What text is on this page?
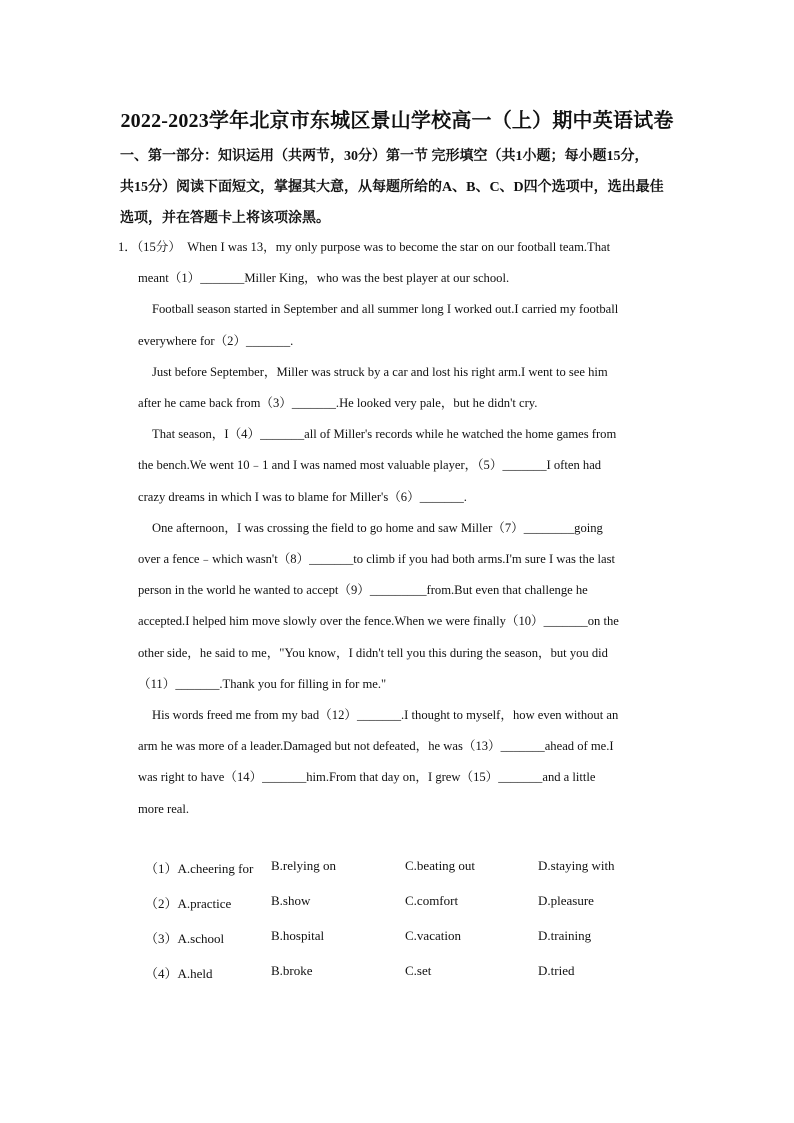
2022-2023学年北京市东城区景山学校高一（上）期中英语试卷

一、第一部分：知识运用（共两节，30分）第一节 完形填空（共1小题；每小题15分，

共15分）阅读下面短文，掌握其大意，从每题所给的A、B、C、D四个选项中，选出最佳

选项，并在答题卡上将该项涂黑。

1．（15分）　When I was 13，my only purpose was to become the star on our football team.That

meant（1）_______Miller King，who was the best player at our school.

Football season started in September and all summer long I worked out.I carried my football

everywhere for（2）_______.

Just before September，Miller was struck by a car and lost his right arm.I went to see him

after he came back from（3）_______.He looked very pale，but he didn't cry.

That season，I（4）_______all of Miller's records while he watched the home games from

the bench.We went 10﹣1 and I was named most valuable player，（5）_______I often had

crazy dreams in which I was to blame for Miller's（6）_______.

One afternoon，I was crossing the field to go home and saw Miller（7）________going

over a fence﹣which wasn't（8）_______to climb if you had both arms.I'm sure I was the last

person in the world he wanted to accept（9）_________from.But even that challenge he

accepted.I helped him move slowly over the fence.When we were finally（10）_______on the

other side，he said to me，"You know，I didn't tell you this during the season，but you did

（11）_______.Thank you for filling in for me."

His words freed me from my bad（12）_______.I thought to myself，how even without an

arm he was more of a leader.Damaged but not defeated，he was（13）_______ahead of me.I

was right to have（14）_______him.From that day on，I grew（15）_______and a little

more real.

（1）A.cheering for B.relying on	C.beating out	D.staying with
（2）A.practice	B.show	C.comfort	D.pleasure
（3）A.school	B.hospital	C.vacation	D.training
（4）A.held	B.broke	C.set	D.tried
